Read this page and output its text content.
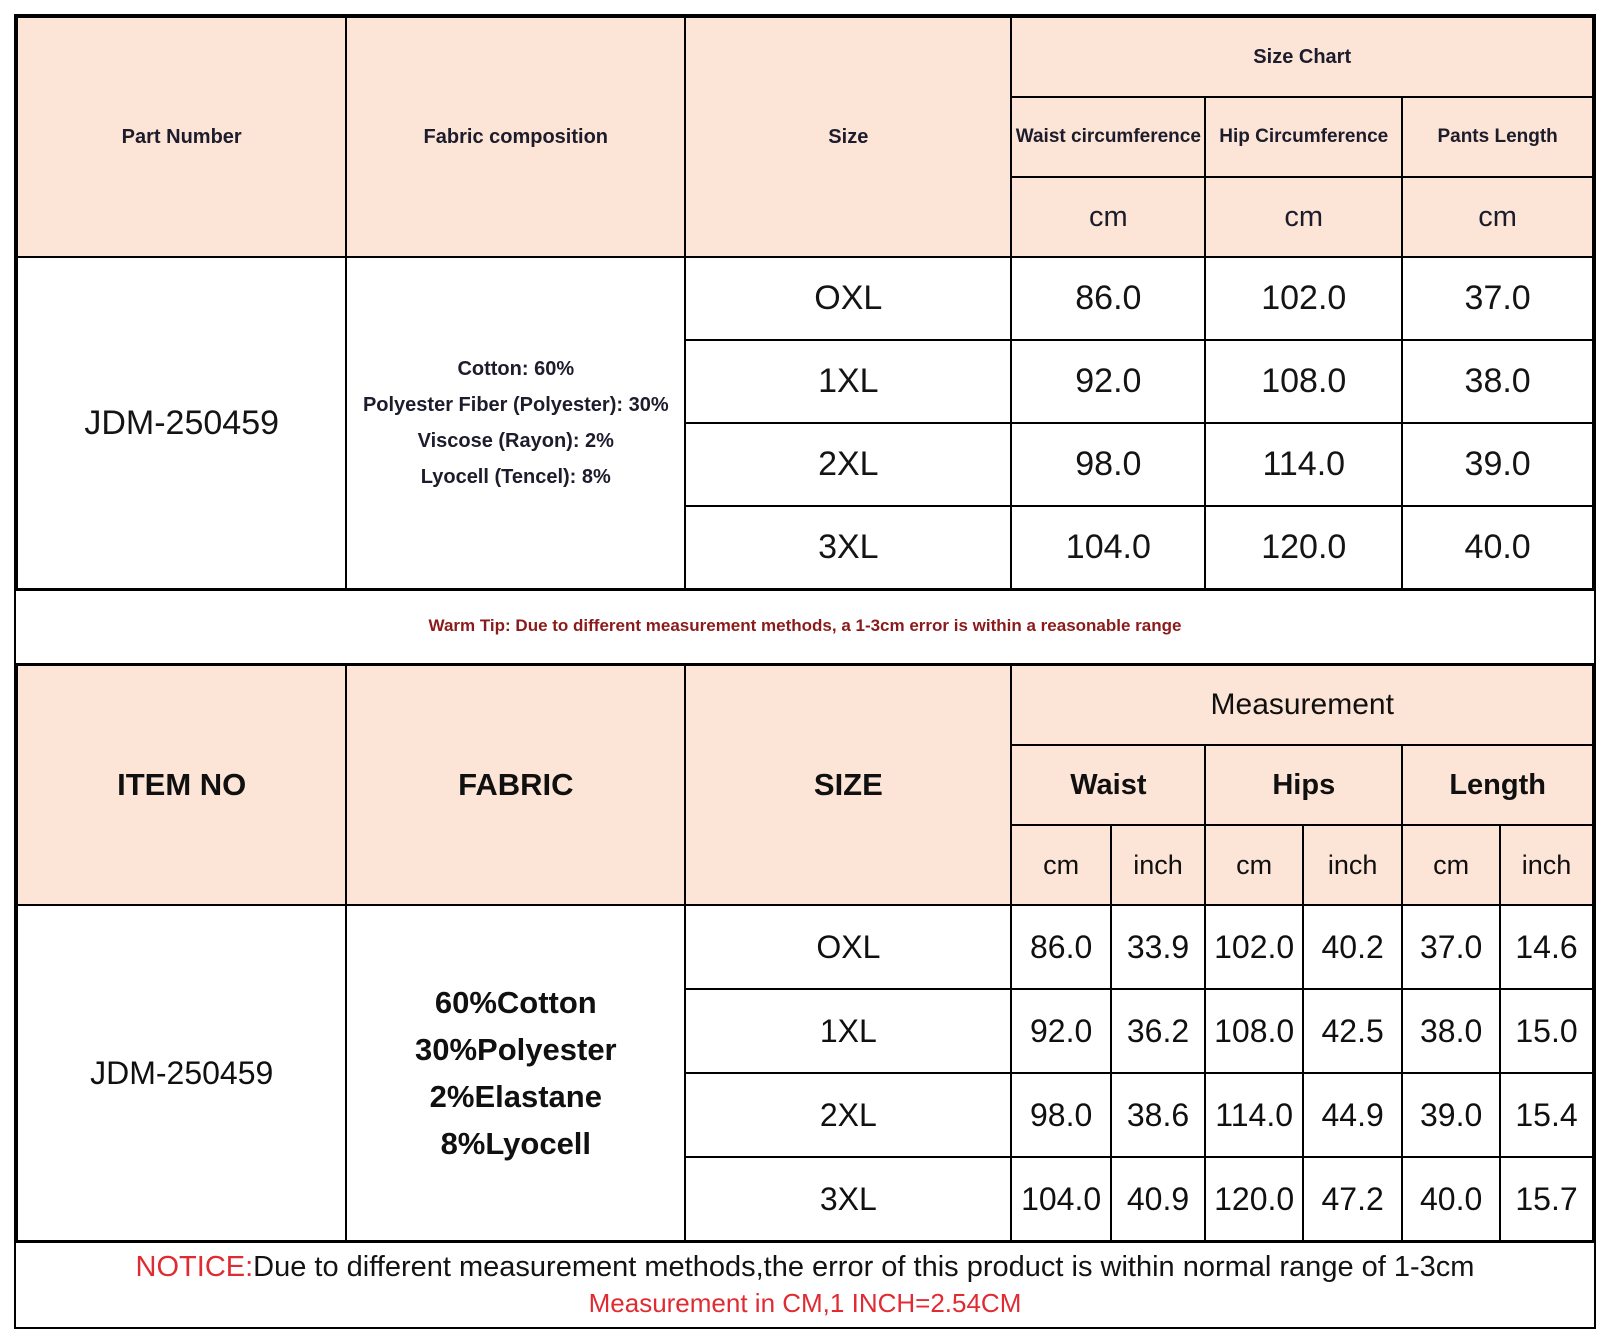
Part Number	Fabric composition	Size	Size Chart		
			Waist circumference	Hip Circumference	Pants Length
			cm	cm	cm
JDM-250459	Cotton: 60%
Polyester Fiber (Polyester): 30%
Viscose (Rayon): 2%
Lyocell (Tencel): 8%	OXL	86.0	102.0	37.0
		1XL	92.0	108.0	38.0
		2XL	98.0	114.0	39.0
		3XL	104.0	120.0	40.0
Warm Tip: Due to different measurement methods, a 1-3cm error is within a reasonable range
ITEM NO	FABRIC	SIZE	Measurement					
			Waist		Hips		Length	
			cm	inch	cm	inch	cm	inch
JDM-250459	60%Cotton
30%Polyester
2%Elastane
8%Lyocell	OXL	86.0	33.9	102.0	40.2	37.0	14.6
		1XL	92.0	36.2	108.0	42.5	38.0	15.0
		2XL	98.0	38.6	114.0	44.9	39.0	15.4
		3XL	104.0	40.9	120.0	47.2	40.0	15.7
NOTICE:Due to different measurement methods,the error of this product is within normal range of 1-3cm
Measurement in CM,1 INCH=2.54CM
